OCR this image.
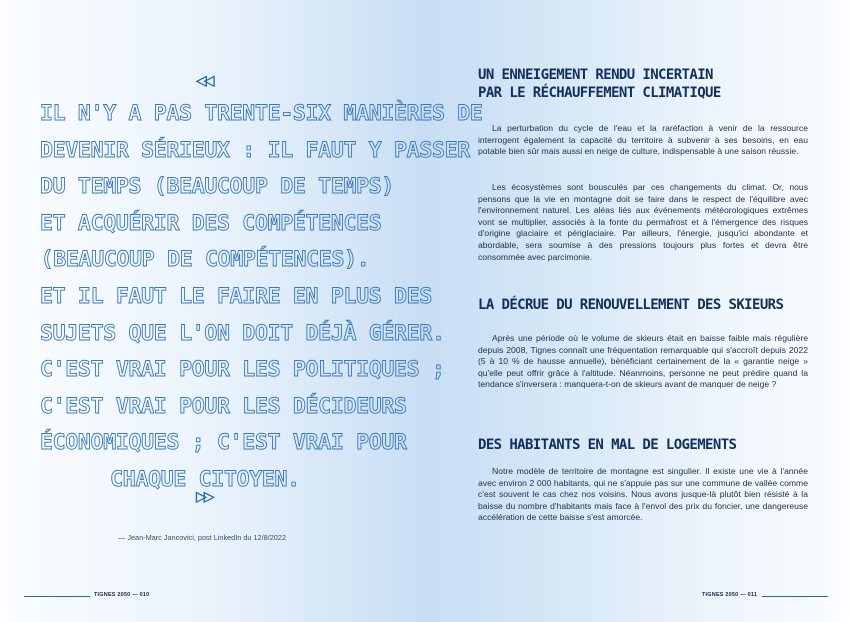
◁◁
IL N'Y A PAS TRENTE-SIX MANIÈRES DE
DEVENIR SÉRIEUX : IL FAUT Y PASSER
DU TEMPS (BEAUCOUP DE TEMPS)
ET ACQUÉRIR DES COMPÉTENCES
(BEAUCOUP DE COMPÉTENCES).
ET IL FAUT LE FAIRE EN PLUS DES
SUJETS QUE L'ON DOIT DÉJÀ GÉRER.
C'EST VRAI POUR LES POLITIQUES ;
C'EST VRAI POUR LES DÉCIDEURS
ÉCONOMIQUES ; C'EST VRAI POUR
CHAQUE CITOYEN.
▷▷
— Jean-Marc Jancovici, post LinkedIn du 12/8/2022
TIGNES 2050 — 010
UN ENNEIGEMENT RENDU INCERTAIN
PAR LE RÉCHAUFFEMENT CLIMATIQUE
La perturbation du cycle de l'eau et la raréfaction à venir de la ressource interrogent également la capacité du territoire à subvenir à ses besoins, en eau potable bien sûr mais aussi en neige de culture, indispensable à une saison réussie.
Les écosystèmes sont bousculés par ces changements du climat. Or, nous pensons que la vie en montagne doit se faire dans le respect de l'équilibre avec l'environnement naturel. Les aléas liés aux événements météorologiques extrêmes vont se multiplier, associés à la fonte du permafrost et à l'émergence des risques d'origine glaciaire et périglaciaire. Par ailleurs, l'énergie, jusqu'ici abondante et abordable, sera soumise à des pressions toujours plus fortes et devra être consommée avec parcimonie.
LA DÉCRUE DU RENOUVELLEMENT DES SKIEURS
Après une période où le volume de skieurs était en baisse faible mais régulière depuis 2008, Tignes connaît une fréquentation remarquable qui s'accroît depuis 2022 (5 à 10 % de hausse annuelle), bénéficiant certainement de la « garantie neige » qu'elle peut offrir grâce à l'altitude. Néanmoins, personne ne peut prédire quand la tendance s'inversera : manquera-t-on de skieurs avant de manquer de neige ?
DES HABITANTS EN MAL DE LOGEMENTS
Notre modèle de territoire de montagne est singulier. Il existe une vie à l'année avec environ 2 000 habitants, qui ne s'appuie pas sur une commune de vallée comme c'est souvent le cas chez nos voisins. Nous avons jusque-là plutôt bien résisté à la baisse du nombre d'habitants mais face à l'envol des prix du foncier, une dangereuse accélération de cette baisse s'est amorcée.
TIGNES 2050 — 011
